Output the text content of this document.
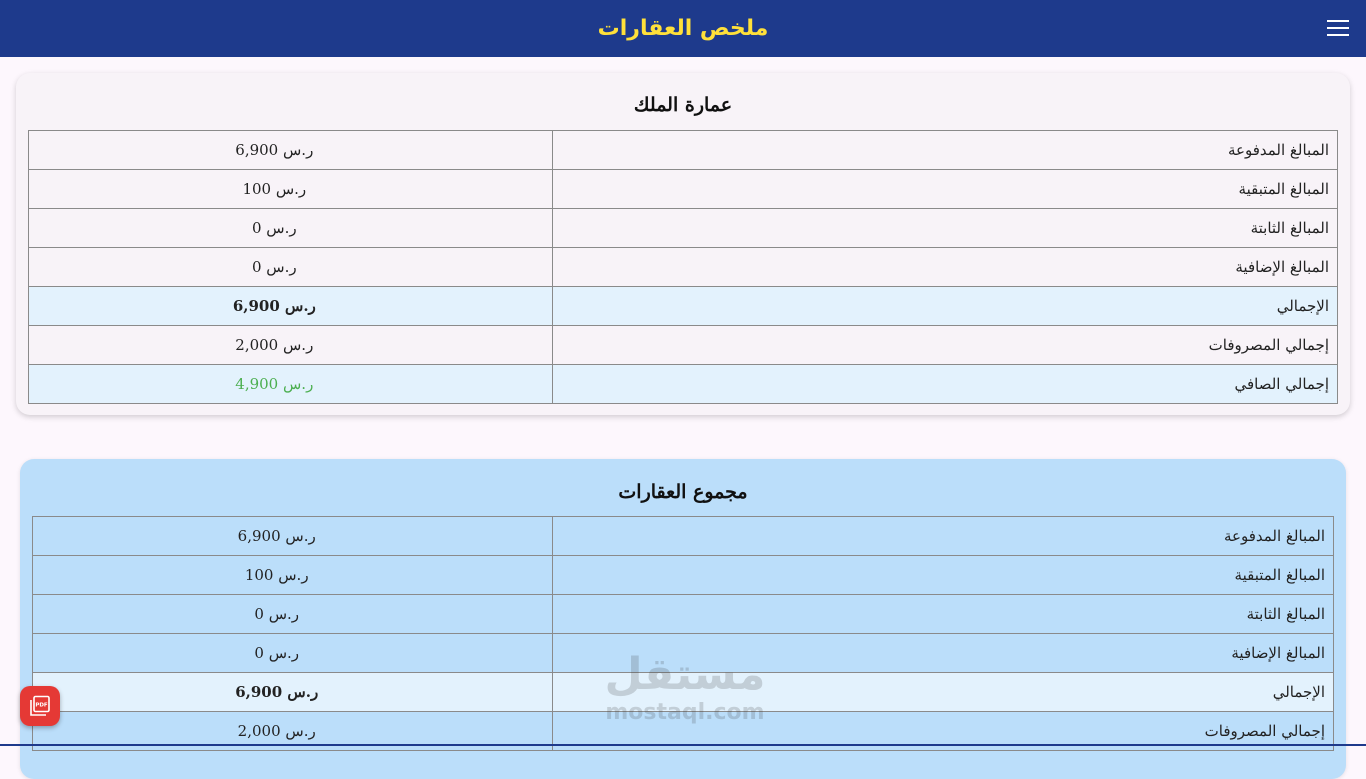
ملخص العقارات
عمارة الملك
المبالغ المدفوعة	6,900 ر.س
المبالغ المتبقية	100 ر.س
المبالغ الثابتة	0 ر.س
المبالغ الإضافية	0 ر.س
الإجمالي	6,900 ر.س
إجمالي المصروفات	2,000 ر.س
إجمالي الصافي	4,900 ر.س
مجموع العقارات
المبالغ المدفوعة	6,900 ر.س
المبالغ المتبقية	100 ر.س
المبالغ الثابتة	0 ر.س
المبالغ الإضافية	0 ر.س
الإجمالي	6,900 ر.س
إجمالي المصروفات	2,000 ر.س
PDF
